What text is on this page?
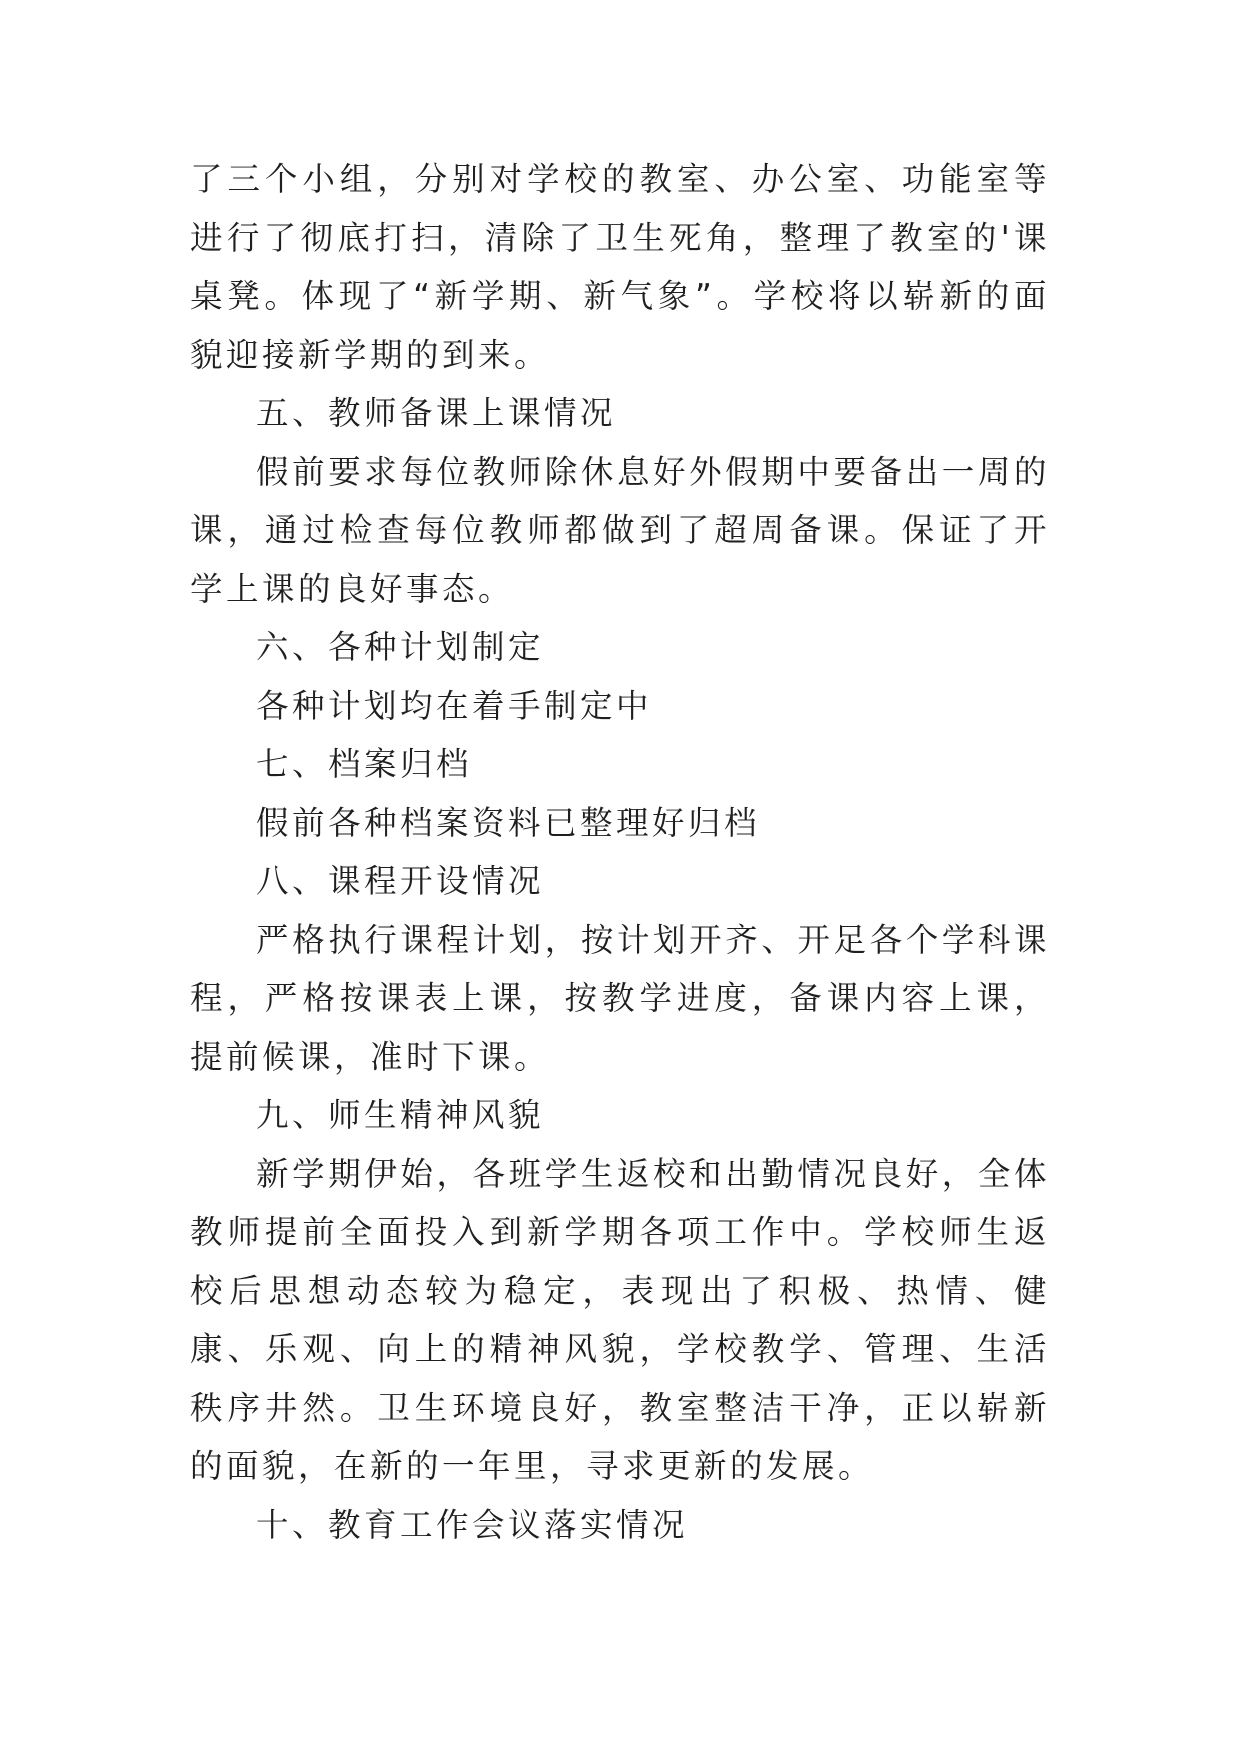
了三个小组，分别对学校的教室、办公室、功能室等进行了彻底打扫，清除了卫生死角，整理了教室的'课桌凳。体现了“新学期、新气象”。学校将以崭新的面貌迎接新学期的到来。

五、教师备课上课情况

假前要求每位教师除休息好外假期中要备出一周的课，通过检查每位教师都做到了超周备课。保证了开学上课的良好事态。

六、各种计划制定

各种计划均在着手制定中

七、档案归档

假前各种档案资料已整理好归档

八、课程开设情况

严格执行课程计划，按计划开齐、开足各个学科课程，严格按课表上课，按教学进度，备课内容上课，提前候课，准时下课。

九、师生精神风貌

新学期伊始，各班学生返校和出勤情况良好，全体教师提前全面投入到新学期各项工作中。学校师生返校后思想动态较为稳定，表现出了积极、热情、健康、乐观、向上的精神风貌，学校教学、管理、生活秩序井然。卫生环境良好，教室整洁干净，正以崭新的面貌，在新的一年里，寻求更新的发展。

十、教育工作会议落实情况
